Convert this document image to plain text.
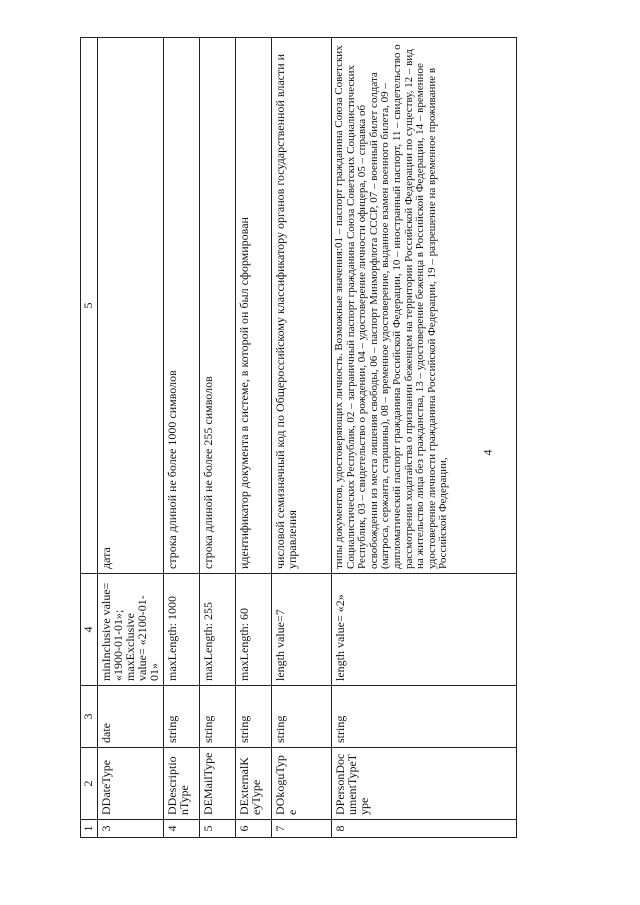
4
1	2	3	4	5
3	DDateType	date	minInclusive value= «1900-01-01»; maxExclusive value= «2100-01-01»	дата
4	DDescriptionType	string	maxLength: 1000	строка длиной не более 1000 символов
5	DEMailType	string	maxLength: 255	строка длиной не более 255 символов
6	DExternalKeyType	string	maxLength: 60	идентификатор документа в системе, в которой он был сформирован
7	DOkoguType	string	length value=7	числовой семизначный код по Общероссийскому классификатору органов государственной власти и управления
8	DPersonDocumentTypeType	string	length value= «2»	типы документов, удостоверяющих личность. Возможные значения:01 – паспорт гражданина Союза Советских Социалистических Республик, 02 – заграничный паспорт гражданина Союза Советских Социалистических Республик, 03 – свидетельство о рождении, 04 – удостоверение личности офицера, 05 – справка об освобождении из места лишения свободы, 06 – паспорт Минморфлота СССР, 07 – военный билет солдата (матроса, сержанта, старшины), 08 – временное удостоверение, выданное взамен военного билета, 09 – дипломатический паспорт гражданина Российской Федерации, 10 – иностранный паспорт, 11 – свидетельство о рассмотрении ходатайства о признании беженцем на территории Российской Федерации по существу, 12 – вид на жительство лица без гражданства, 13 – удостоверение беженца в Российской Федерации, 14 – временное удостоверение личности гражданина Российской Федерации, 19 – разрешение на временное проживание в Российской Федерации,
